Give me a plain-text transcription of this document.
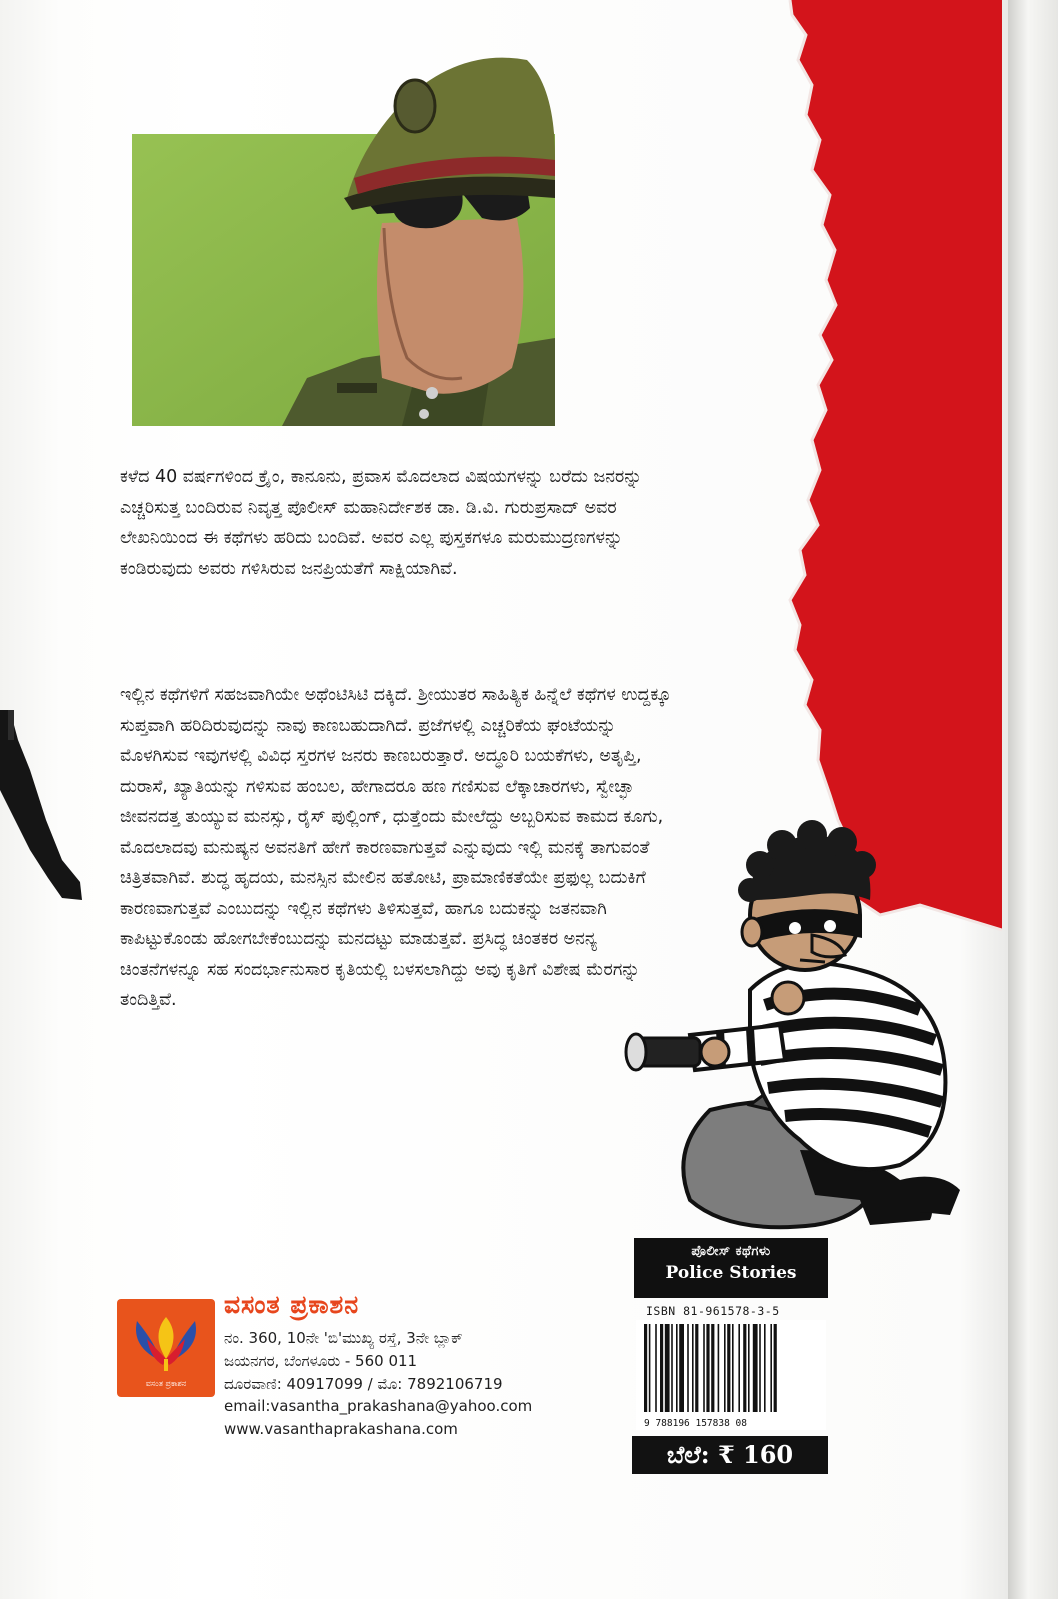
ಕಳೆದ 40 ವರ್ಷಗಳಿಂದ ಕ್ರೈಂ, ಕಾನೂನು, ಪ್ರವಾಸ ಮೊದಲಾದ ವಿಷಯಗಳನ್ನು ಬರೆದು ಜನರನ್ನು ಎಚ್ಚರಿಸುತ್ತ ಬಂದಿರುವ ನಿವೃತ್ತ ಪೊಲೀಸ್ ಮಹಾನಿರ್ದೇಶಕ ಡಾ. ಡಿ.ವಿ. ಗುರುಪ್ರಸಾದ್ ಅವರ ಲೇಖನಿಯಿಂದ ಈ ಕಥೆಗಳು ಹರಿದು ಬಂದಿವೆ. ಅವರ ಎಲ್ಲ ಪುಸ್ತಕಗಳೂ ಮರುಮುದ್ರಣಗಳನ್ನು ಕಂಡಿರುವುದು ಅವರು ಗಳಿಸಿರುವ ಜನಪ್ರಿಯತೆಗೆ ಸಾಕ್ಷಿಯಾಗಿವೆ.

ಇಲ್ಲಿನ ಕಥೆಗಳಿಗೆ ಸಹಜವಾಗಿಯೇ ಅಥೆಂಟಿಸಿಟಿ ದಕ್ಕಿದೆ. ಶ್ರೀಯುತರ ಸಾಹಿತ್ಯಿಕ ಹಿನ್ನೆಲೆ ಕಥೆಗಳ ಉದ್ದಕ್ಕೂ ಸುಪ್ತವಾಗಿ ಹರಿದಿರುವುದನ್ನು ನಾವು ಕಾಣಬಹುದಾಗಿದೆ. ಪ್ರಜೆಗಳಲ್ಲಿ ಎಚ್ಚರಿಕೆಯ ಘಂಟೆಯನ್ನು ಮೊಳಗಿಸುವ ಇವುಗಳಲ್ಲಿ ವಿವಿಧ ಸ್ತರಗಳ ಜನರು ಕಾಣಬರುತ್ತಾರೆ. ಅದ್ಧೂರಿ ಬಯಕೆಗಳು, ಅತೃಪ್ತಿ, ದುರಾಸೆ, ಖ್ಯಾತಿಯನ್ನು ಗಳಿಸುವ ಹಂಬಲ, ಹೇಗಾದರೂ ಹಣ ಗಣಿಸುವ ಲೆಕ್ಕಾಚಾರಗಳು, ಸ್ವೇಚ್ಛಾ ಜೀವನದತ್ತ ತುಯ್ಯುವ ಮನಸ್ಸು, ರೈಸ್ ಪುಲ್ಲಿಂಗ್, ಧುತ್ತೆಂದು ಮೇಲೆದ್ದು ಅಬ್ಬರಿಸುವ ಕಾಮದ ಕೂಗು, ಮೊದಲಾದವು ಮನುಷ್ಯನ ಅವನತಿಗೆ ಹೇಗೆ ಕಾರಣವಾಗುತ್ತವೆ ಎನ್ನುವುದು ಇಲ್ಲಿ ಮನಕ್ಕೆ ತಾಗುವಂತೆ ಚಿತ್ರಿತವಾಗಿವೆ. ಶುದ್ಧ ಹೃದಯ, ಮನಸ್ಸಿನ ಮೇಲಿನ ಹತೋಟಿ, ಪ್ರಾಮಾಣಿಕತೆಯೇ ಪ್ರಫುಲ್ಲ ಬದುಕಿಗೆ ಕಾರಣವಾಗುತ್ತವೆ ಎಂಬುದನ್ನು ಇಲ್ಲಿನ ಕಥೆಗಳು ತಿಳಿಸುತ್ತವೆ, ಹಾಗೂ ಬದುಕನ್ನು ಜತನವಾಗಿ ಕಾಪಿಟ್ಟುಕೊಂಡು ಹೋಗಬೇಕೆಂಬುದನ್ನು ಮನದಟ್ಟು ಮಾಡುತ್ತವೆ. ಪ್ರಸಿದ್ಧ ಚಿಂತಕರ ಅನನ್ಯ ಚಿಂತನೆಗಳನ್ನೂ ಸಹ ಸಂದರ್ಭಾನುಸಾರ ಕೃತಿಯಲ್ಲಿ ಬಳಸಲಾಗಿದ್ದು ಅವು ಕೃತಿಗೆ ವಿಶೇಷ ಮೆರಗನ್ನು ತಂದಿತ್ತಿವೆ.

ಪೊಲೀಸ್ ಕಥೆಗಳು
Police Stories
ISBN 81-961578-3-5
9 788196 157838 08
ಬೆಲೆ: ₹ 160
ವಸಂತ ಪ್ರಕಾಶನ
ವಸಂತ ಪ್ರಕಾಶನ
ನಂ. 360, 10ನೇ 'ಬಿ'ಮುಖ್ಯ ರಸ್ತೆ, 3ನೇ ಬ್ಲಾಕ್
ಜಯನಗರ, ಬೆಂಗಳೂರು - 560 011
ದೂರವಾಣಿ: 40917099 / ಮೊ: 7892106719
email:vasantha_prakashana@yahoo.com
www.vasanthaprakashana.com
